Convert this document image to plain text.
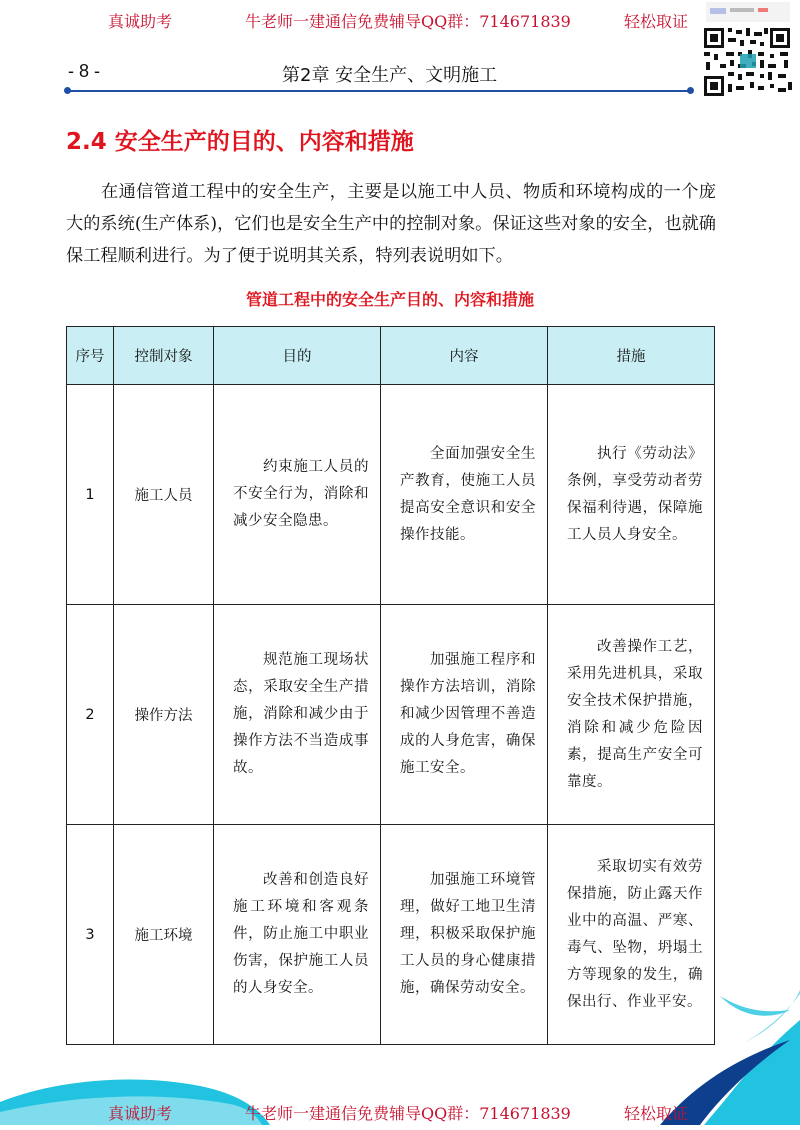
真诚助考	牛老师一建通信免费辅导QQ群：714671839	轻松取证
- 8 -	第2章 安全生产、文明施工
2.4 安全生产的目的、内容和措施

在通信管道工程中的安全生产，主要是以施工中人员、物质和环境构成的一个庞大的系统(生产体系)，它们也是安全生产中的控制对象。保证这些对象的安全，也就确保工程顺利进行。为了便于说明其关系，特列表说明如下。

管道工程中的安全生产目的、内容和措施
序号	控制对象	目的	内容	措施
1	施工人员	约束施工人员的不安全行为，消除和减少安全隐患。	全面加强安全生产教育，使施工人员提高安全意识和安全操作技能。	执行《劳动法》条例，享受劳动者劳保福利待遇，保障施工人员人身安全。
2	操作方法	规范施工现场状态，采取安全生产措施，消除和减少由于操作方法不当造成事故。	加强施工程序和操作方法培训，消除和减少因管理不善造成的人身危害，确保施工安全。	改善操作工艺，采用先进机具，采取安全技术保护措施，消除和减少危险因素，提高生产安全可靠度。
3	施工环境	改善和创造良好施工环境和客观条件，防止施工中职业伤害，保护施工人员的人身安全。	加强施工环境管理，做好工地卫生清理，积极采取保护施工人员的身心健康措施，确保劳动安全。	采取切实有效劳保措施，防止露天作业中的高温、严寒、毒气、坠物，坍塌土方等现象的发生，确保出行、作业平安。
真诚助考	牛老师一建通信免费辅导QQ群：714671839	轻松取证
